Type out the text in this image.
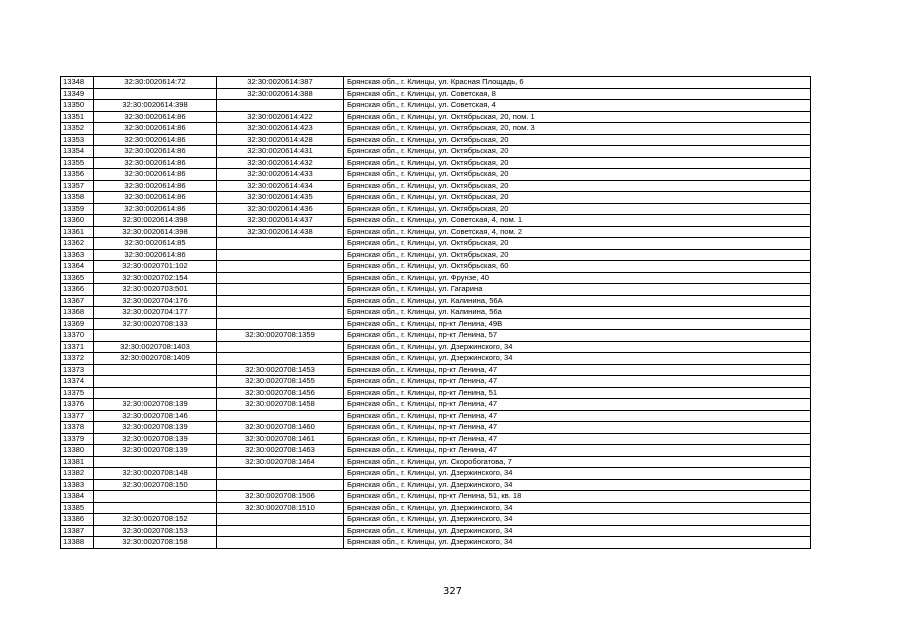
13348	32:30:0020614:72	32:30:0020614:387	Брянская обл., г. Клинцы, ул. Красная Площадь, 6
13349		32:30:0020614:388	Брянская обл., г. Клинцы, ул. Советская, 8
13350	32:30:0020614:398		Брянская обл., г. Клинцы, ул. Советская, 4
13351	32:30:0020614:86	32:30:0020614:422	Брянская обл., г. Клинцы, ул. Октябрьская, 20, пом. 1
13352	32:30:0020614:86	32:30:0020614:423	Брянская обл., г. Клинцы, ул. Октябрьская, 20, пом. 3
13353	32:30:0020614:86	32:30:0020614:428	Брянская обл., г. Клинцы, ул. Октябрьская, 20
13354	32:30:0020614:86	32:30:0020614:431	Брянская обл., г. Клинцы, ул. Октябрьская, 20
13355	32:30:0020614:86	32:30:0020614:432	Брянская обл., г. Клинцы, ул. Октябрьская, 20
13356	32:30:0020614:86	32:30:0020614:433	Брянская обл., г. Клинцы, ул. Октябрьская, 20
13357	32:30:0020614:86	32:30:0020614:434	Брянская обл., г. Клинцы, ул. Октябрьская, 20
13358	32:30:0020614:86	32:30:0020614:435	Брянская обл., г. Клинцы, ул. Октябрьская, 20
13359	32:30:0020614:86	32:30:0020614:436	Брянская обл., г. Клинцы, ул. Октябрьская, 20
13360	32:30:0020614:398	32:30:0020614:437	Брянская обл., г. Клинцы, ул. Советская, 4, пом. 1
13361	32:30:0020614:398	32:30:0020614:438	Брянская обл., г. Клинцы, ул. Советская, 4, пом. 2
13362	32:30:0020614:85		Брянская обл., г. Клинцы, ул. Октябрьская, 20
13363	32:30:0020614:86		Брянская обл., г. Клинцы, ул. Октябрьская, 20
13364	32:30:0020701:102		Брянская обл., г. Клинцы, ул. Октябрьская, 60
13365	32:30:0020702:154		Брянская обл., г. Клинцы, ул. Фрунзе, 40
13366	32:30:0020703:501		Брянская обл., г. Клинцы, ул. Гагарина
13367	32:30:0020704:176		Брянская обл., г. Клинцы, ул. Калинина, 56А
13368	32:30:0020704:177		Брянская обл., г. Клинцы, ул. Калинина, 56а
13369	32:30:0020708:133		Брянская обл., г. Клинцы, пр-кт Ленина, 49В
13370		32:30:0020708:1359	Брянская обл., г. Клинцы, пр-кт Ленина, 57
13371	32:30:0020708:1403		Брянская обл., г. Клинцы, ул. Дзержинского, 34
13372	32:30:0020708:1409		Брянская обл., г. Клинцы, ул. Дзержинского, 34
13373		32:30:0020708:1453	Брянская обл., г. Клинцы, пр-кт Ленина, 47
13374		32:30:0020708:1455	Брянская обл., г. Клинцы, пр-кт Ленина, 47
13375		32:30:0020708:1456	Брянская обл., г. Клинцы, пр-кт Ленина, 51
13376	32:30:0020708:139	32:30:0020708:1458	Брянская обл., г. Клинцы, пр-кт Ленина, 47
13377	32:30:0020708:146		Брянская обл., г. Клинцы, пр-кт Ленина, 47
13378	32:30:0020708:139	32:30:0020708:1460	Брянская обл., г. Клинцы, пр-кт Ленина, 47
13379	32:30:0020708:139	32:30:0020708:1461	Брянская обл., г. Клинцы, пр-кт Ленина, 47
13380	32:30:0020708:139	32:30:0020708:1463	Брянская обл., г. Клинцы, пр-кт Ленина, 47
13381		32:30:0020708:1464	Брянская обл., г. Клинцы, ул. Скоробогатова, 7
13382	32:30:0020708:148		Брянская обл., г. Клинцы, ул. Дзержинского, 34
13383	32:30:0020708:150		Брянская обл., г. Клинцы, ул. Дзержинского, 34
13384		32:30:0020708:1506	Брянская обл., г. Клинцы, пр-кт Ленина, 51, кв. 18
13385		32:30:0020708:1510	Брянская обл., г. Клинцы, ул. Дзержинского, 34
13386	32:30:0020708:152		Брянская обл., г. Клинцы, ул. Дзержинского, 34
13387	32:30:0020708:153		Брянская обл., г. Клинцы, ул. Дзержинского, 34
13388	32:30:0020708:158		Брянская обл., г. Клинцы, ул. Дзержинского, 34
327
